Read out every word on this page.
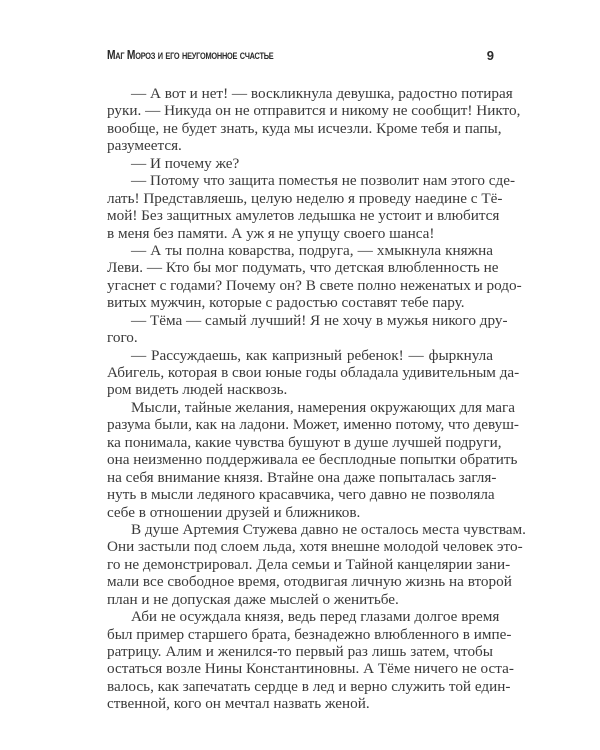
Маг Мороз и его неугомонное счастье	9
— А вот и нет! — воскликнула девушка, радостно потирая
руки. — Никуда он не отправится и никому не сообщит! Никто,
вообще, не будет знать, куда мы исчезли. Кроме тебя и папы,
разумеется.
— И почему же?
— Потому что защита поместья не позволит нам этого сде-
лать! Представляешь, целую неделю я проведу наедине с Тё-
мой! Без защитных амулетов ледышка не устоит и влюбится
в меня без памяти. А уж я не упущу своего шанса!
— А ты полна коварства, подруга, — хмыкнула княжна
Леви. — Кто бы мог подумать, что детская влюбленность не
угаснет с годами? Почему он? В свете полно неженатых и родо-
витых мужчин, которые с радостью составят тебе пару.
— Тёма — самый лучший! Я не хочу в мужья никого дру-
гого.
— Рассуждаешь, как капризный ребенок! — фыркнула
Абигель, которая в свои юные годы обладала удивительным да-
ром видеть людей насквозь.
Мысли, тайные желания, намерения окружающих для мага
разума были, как на ладони. Может, именно потому, что девуш-
ка понимала, какие чувства бушуют в душе лучшей подруги,
она неизменно поддерживала ее бесплодные попытки обратить
на себя внимание князя. Втайне она даже попыталась загля-
нуть в мысли ледяного красавчика, чего давно не позволяла
себе в отношении друзей и ближников.
В душе Артемия Стужева давно не осталось места чувствам.
Они застыли под слоем льда, хотя внешне молодой человек это-
го не демонстрировал. Дела семьи и Тайной канцелярии зани-
мали все свободное время, отодвигая личную жизнь на второй
план и не допуская даже мыслей о женитьбе.
Аби не осуждала князя, ведь перед глазами долгое время
был пример старшего брата, безнадежно влюбленного в импе-
ратрицу. Алим и женился-то первый раз лишь затем, чтобы
остаться возле Нины Константиновны. А Тёме ничего не оста-
валось, как запечатать сердце в лед и верно служить той един-
ственной, кого он мечтал назвать женой.
